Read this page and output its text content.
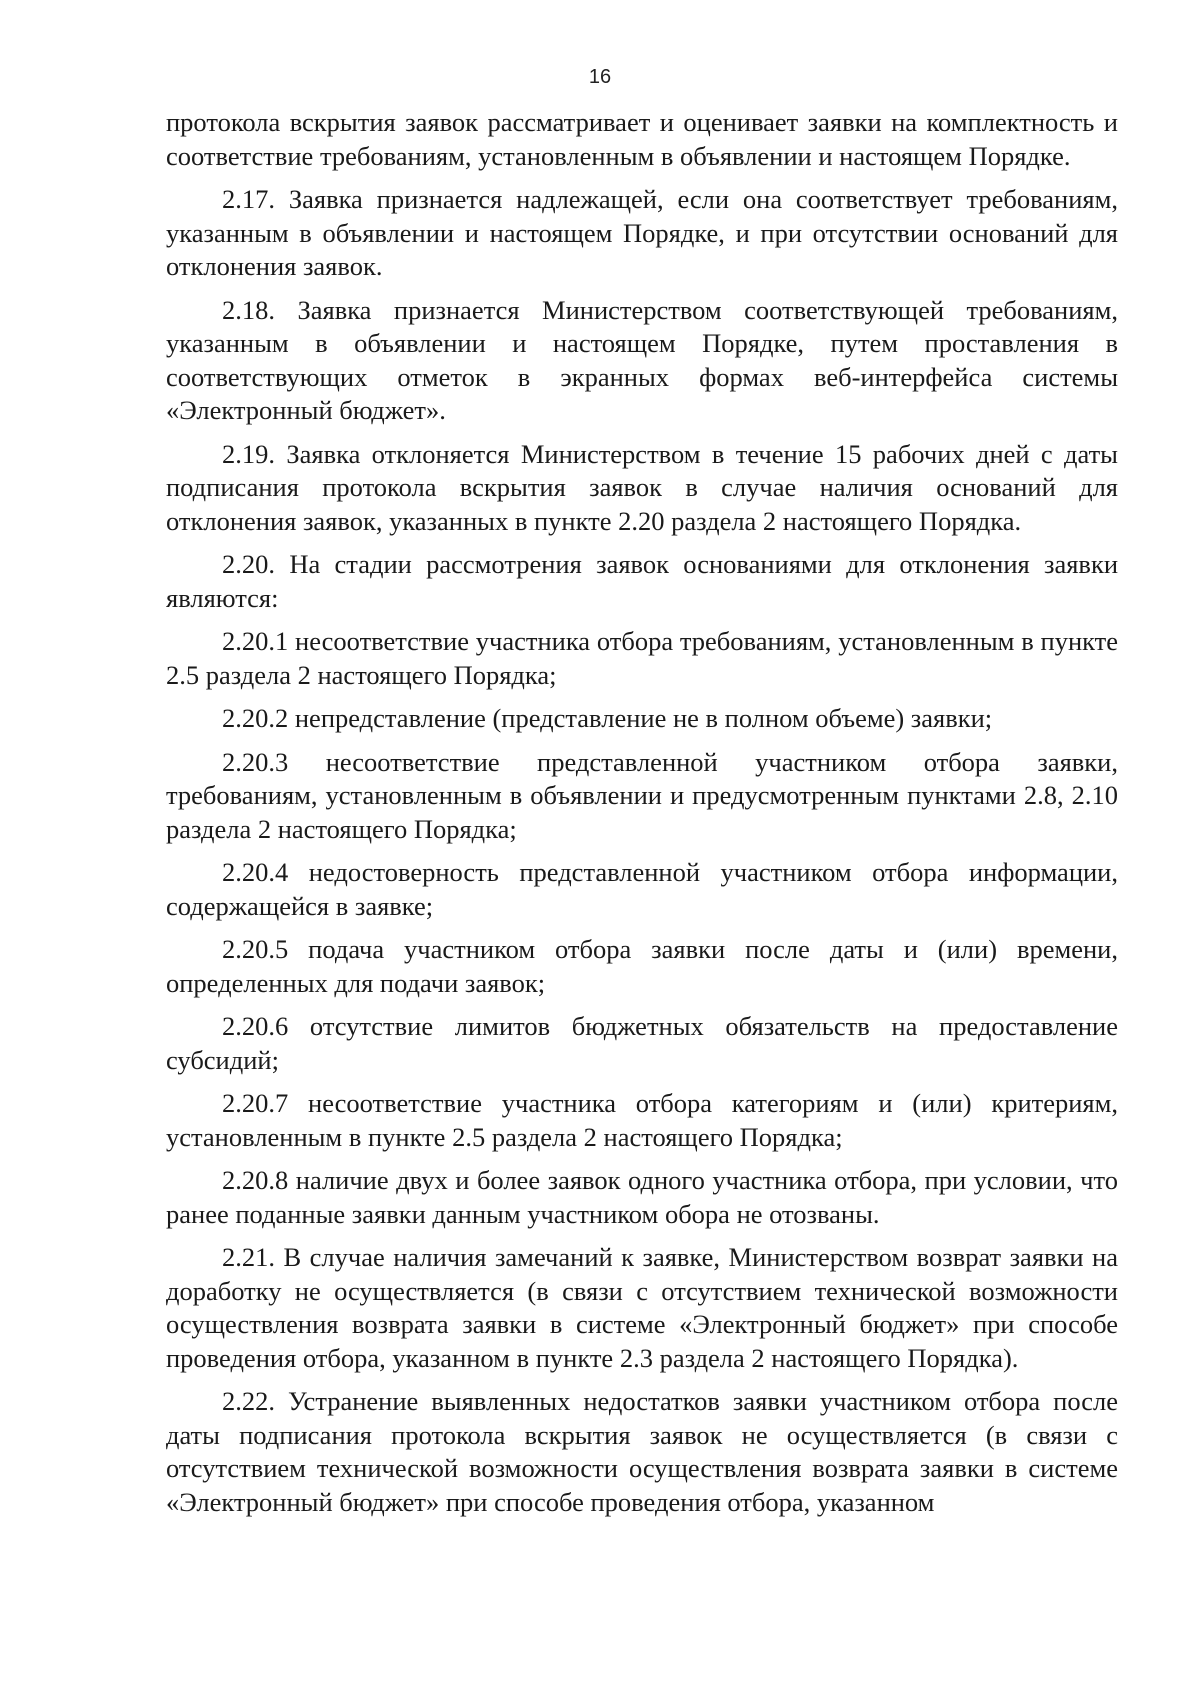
16

протокола вскрытия заявок рассматривает и оценивает заявки на комплектность и соответствие требованиям, установленным в объявлении и настоящем Порядке.

2.17. Заявка признается надлежащей, если она соответствует требованиям, указанным в объявлении и настоящем Порядке, и при отсутствии оснований для отклонения заявок.

2.18. Заявка признается Министерством соответствующей требованиям, указанным в объявлении и настоящем Порядке, путем проставления в соответствующих отметок в экранных формах веб-интерфейса системы «Электронный бюджет».

2.19. Заявка отклоняется Министерством в течение 15 рабочих дней с даты подписания протокола вскрытия заявок в случае наличия оснований для отклонения заявок, указанных в пункте 2.20 раздела 2 настоящего Порядка.

2.20. На стадии рассмотрения заявок основаниями для отклонения заявки являются:

2.20.1 несоответствие участника отбора требованиям, установленным в пункте 2.5 раздела 2 настоящего Порядка;

2.20.2 непредставление (представление не в полном объеме) заявки;

2.20.3 несоответствие представленной участником отбора заявки, требованиям, установленным в объявлении и предусмотренным пунктами 2.8, 2.10 раздела 2 настоящего Порядка;

2.20.4 недостоверность представленной участником отбора информации, содержащейся в заявке;

2.20.5 подача участником отбора заявки после даты и (или) времени, определенных для подачи заявок;

2.20.6 отсутствие лимитов бюджетных обязательств на предоставление субсидий;

2.20.7 несоответствие участника отбора категориям и (или) критериям, установленным в пункте 2.5 раздела 2 настоящего Порядка;

2.20.8 наличие двух и более заявок одного участника отбора, при условии, что ранее поданные заявки данным участником обора не отозваны.

2.21. В случае наличия замечаний к заявке, Министерством возврат заявки на доработку не осуществляется (в связи с отсутствием технической возможности осуществления возврата заявки в системе «Электронный бюджет» при способе проведения отбора, указанном в пункте 2.3 раздела 2 настоящего Порядка).

2.22. Устранение выявленных недостатков заявки участником отбора после даты подписания протокола вскрытия заявок не осуществляется (в связи с отсутствием технической возможности осуществления возврата заявки в системе «Электронный бюджет» при способе проведения отбора, указанном
